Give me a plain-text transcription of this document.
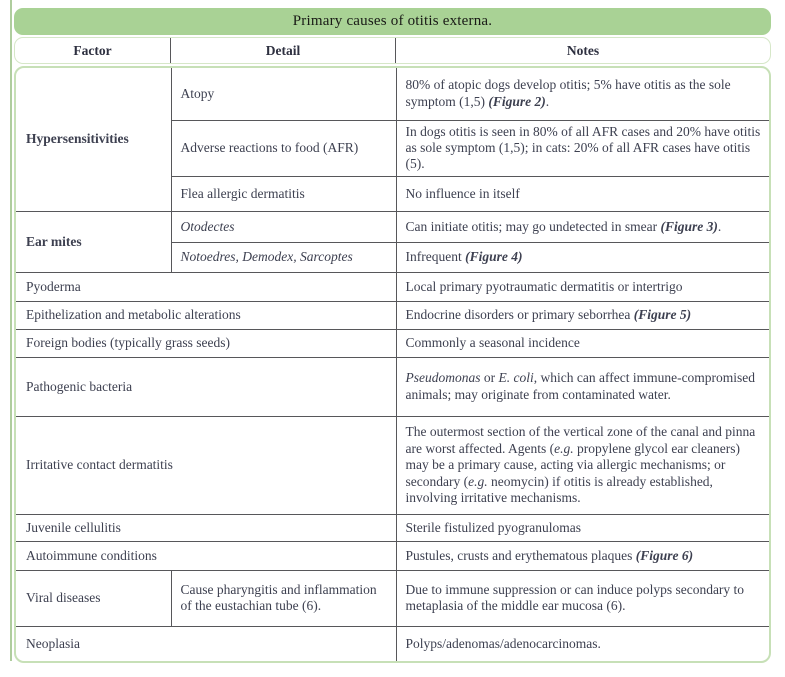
Primary causes of otitis externa.
Factor	Detail	Notes
Hypersensitivities	Atopy	80% of atopic dogs develop otitis; 5% have otitis as the sole symptom (1,5) (Figure 2).
	Adverse reactions to food (AFR)	In dogs otitis is seen in 80% of all AFR cases and 20% have otitis as sole symptom (1,5); in cats: 20% of all AFR cases have otitis (5).
	Flea allergic dermatitis	No influence in itself
Ear mites	Otodectes	Can initiate otitis; may go undetected in smear (Figure 3).
	Notoedres, Demodex, Sarcoptes	Infrequent (Figure 4)
Pyoderma		Local primary pyotraumatic dermatitis or intertrigo
Epithelization and metabolic alterations		Endocrine disorders or primary seborrhea (Figure 5)
Foreign bodies (typically grass seeds)		Commonly a seasonal incidence
Pathogenic bacteria		Pseudomonas or E. coli, which can affect immune-compromised animals; may originate from contaminated water.
Irritative contact dermatitis		The outermost section of the vertical zone of the canal and pinna are worst affected. Agents (e.g. propylene glycol ear cleaners) may be a primary cause, acting via allergic mechanisms; or secondary (e.g. neomycin) if otitis is already established, involving irritative mechanisms.
Juvenile cellulitis		Sterile fistulized pyogranulomas
Autoimmune conditions		Pustules, crusts and erythematous plaques (Figure 6)
Viral diseases	Cause pharyngitis and inflammation of the eustachian tube (6).	Due to immune suppression or can induce polyps secondary to metaplasia of the middle ear mucosa (6).
Neoplasia		Polyps/adenomas/adenocarcinomas.
